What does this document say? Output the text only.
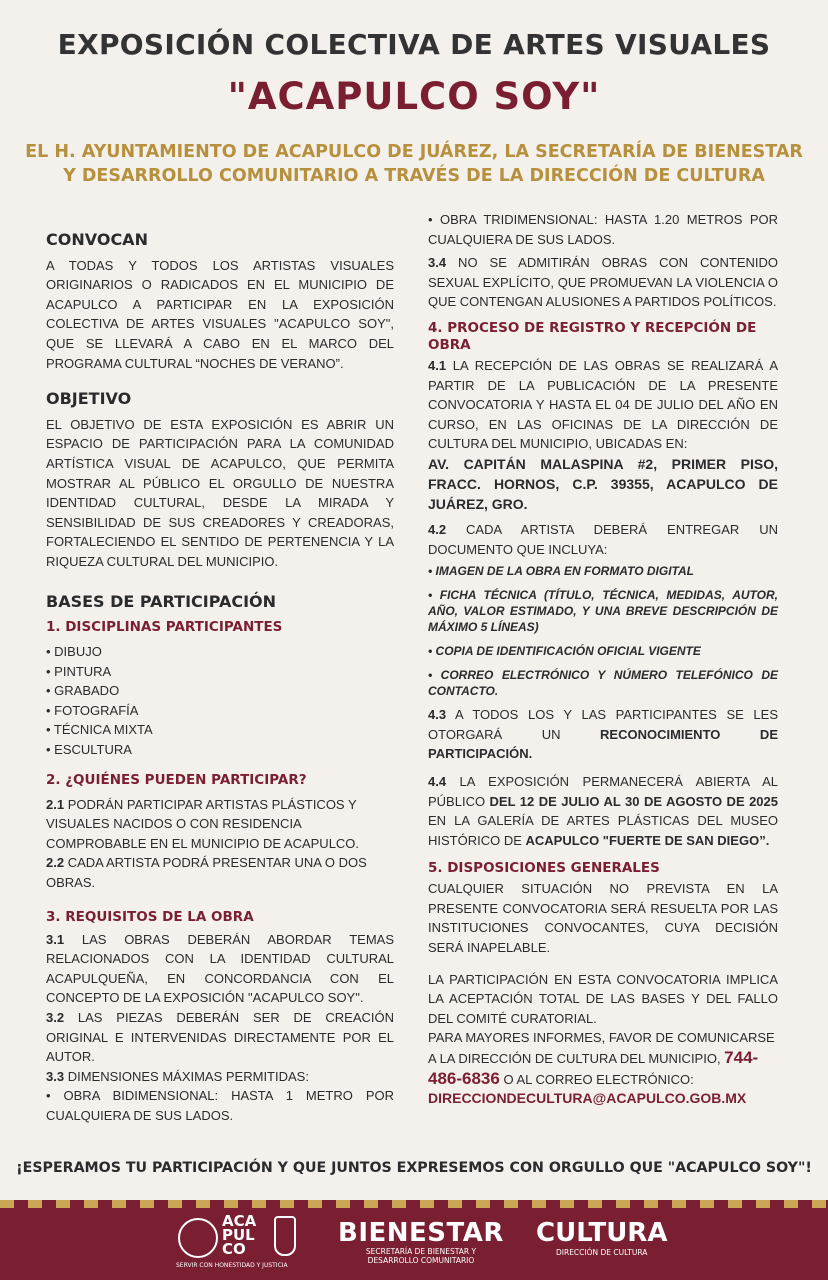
EXPOSICIÓN COLECTIVA DE ARTES VISUALES
"ACAPULCO SOY"
EL H. AYUNTAMIENTO DE ACAPULCO DE JUÁREZ, LA SECRETARÍA DE BIENESTAR Y DESARROLLO COMUNITARIO A TRAVÉS DE LA DIRECCIÓN DE CULTURA
CONVOCAN
A TODAS Y TODOS LOS ARTISTAS VISUALES ORIGINARIOS O RADICADOS EN EL MUNICIPIO DE ACAPULCO A PARTICIPAR EN LA EXPOSICIÓN COLECTIVA DE ARTES VISUALES "ACAPULCO SOY", QUE SE LLEVARÁ A CABO EN EL MARCO DEL PROGRAMA CULTURAL “NOCHES DE VERANO”.
OBJETIVO
EL OBJETIVO DE ESTA EXPOSICIÓN ES ABRIR UN ESPACIO DE PARTICIPACIÓN PARA LA COMUNIDAD ARTÍSTICA VISUAL DE ACAPULCO, QUE PERMITA MOSTRAR AL PÚBLICO EL ORGULLO DE NUESTRA IDENTIDAD CULTURAL, DESDE LA MIRADA Y SENSIBILIDAD DE SUS CREADORES Y CREADORAS, FORTALECIENDO EL SENTIDO DE PERTENENCIA Y LA RIQUEZA CULTURAL DEL MUNICIPIO.
BASES DE PARTICIPACIÓN
1. DISCIPLINAS PARTICIPANTES
• DIBUJO
• PINTURA
• GRABADO
• FOTOGRAFÍA
• TÉCNICA MIXTA
• ESCULTURA
2. ¿QUIÉNES PUEDEN PARTICIPAR?
2.1 PODRÁN PARTICIPAR ARTISTAS PLÁSTICOS Y VISUALES NACIDOS O CON RESIDENCIA COMPROBABLE EN EL MUNICIPIO DE ACAPULCO.
2.2 CADA ARTISTA PODRÁ PRESENTAR UNA O DOS OBRAS.
3. REQUISITOS DE LA OBRA
3.1 LAS OBRAS DEBERÁN ABORDAR TEMAS RELACIONADOS CON LA IDENTIDAD CULTURAL ACAPULQUEÑA, EN CONCORDANCIA CON EL CONCEPTO DE LA EXPOSICIÓN "ACAPULCO SOY".
3.2 LAS PIEZAS DEBERÁN SER DE CREACIÓN ORIGINAL E INTERVENIDAS DIRECTAMENTE POR EL AUTOR.
3.3 DIMENSIONES MÁXIMAS PERMITIDAS:
• OBRA BIDIMENSIONAL: HASTA 1 METRO POR CUALQUIERA DE SUS LADOS.
• OBRA TRIDIMENSIONAL: HASTA 1.20 METROS POR CUALQUIERA DE SUS LADOS.
3.4 NO SE ADMITIRÁN OBRAS CON CONTENIDO SEXUAL EXPLÍCITO, QUE PROMUEVAN LA VIOLENCIA O QUE CONTENGAN ALUSIONES A PARTIDOS POLÍTICOS.
4. PROCESO DE REGISTRO Y RECEPCIÓN DE OBRA
4.1 LA RECEPCIÓN DE LAS OBRAS SE REALIZARÁ A PARTIR DE LA PUBLICACIÓN DE LA PRESENTE CONVOCATORIA Y HASTA EL 04 DE JULIO DEL AÑO EN CURSO, EN LAS OFICINAS DE LA DIRECCIÓN DE CULTURA DEL MUNICIPIO, UBICADAS EN:
AV. CAPITÁN MALASPINA #2, PRIMER PISO, FRACC. HORNOS, C.P. 39355, ACAPULCO DE JUÁREZ, GRO.
4.2 CADA ARTISTA DEBERÁ ENTREGAR UN DOCUMENTO QUE INCLUYA:
• IMAGEN DE LA OBRA EN FORMATO DIGITAL
• FICHA TÉCNICA (TÍTULO, TÉCNICA, MEDIDAS, AUTOR, AÑO, VALOR ESTIMADO, Y UNA BREVE DESCRIPCIÓN DE MÁXIMO 5 LÍNEAS)
• COPIA DE IDENTIFICACIÓN OFICIAL VIGENTE
• CORREO ELECTRÓNICO Y NÚMERO TELEFÓNICO DE CONTACTO.
4.3 A TODOS LOS Y LAS PARTICIPANTES SE LES OTORGARÁ UN RECONOCIMIENTO DE PARTICIPACIÓN.
4.4 LA EXPOSICIÓN PERMANECERÁ ABIERTA AL PÚBLICO DEL 12 DE JULIO AL 30 DE AGOSTO DE 2025 EN LA GALERÍA DE ARTES PLÁSTICAS DEL MUSEO HISTÓRICO DE ACAPULCO "FUERTE DE SAN DIEGO”.
5. DISPOSICIONES GENERALES
CUALQUIER SITUACIÓN NO PREVISTA EN LA PRESENTE CONVOCATORIA SERÁ RESUELTA POR LAS INSTITUCIONES CONVOCANTES, CUYA DECISIÓN SERÁ INAPELABLE.
LA PARTICIPACIÓN EN ESTA CONVOCATORIA IMPLICA LA ACEPTACIÓN TOTAL DE LAS BASES Y DEL FALLO DEL COMITÉ CURATORIAL.
PARA MAYORES INFORMES, FAVOR DE COMUNICARSE A LA DIRECCIÓN DE CULTURA DEL MUNICIPIO, 744-486-6836 O AL CORREO ELECTRÓNICO:
DIRECCIONDECULTURA@ACAPULCO.GOB.MX
¡ESPERAMOS TU PARTICIPACIÓN Y QUE JUNTOS EXPRESEMOS CON ORGULLO QUE "ACAPULCO SOY"!
ACA
PUL
CO
SERVIR CON HONESTIDAD Y JUSTICIA
BIENESTAR
SECRETARÍA DE BIENESTAR Y DESARROLLO COMUNITARIO
CULTURA
DIRECCIÓN DE CULTURA
